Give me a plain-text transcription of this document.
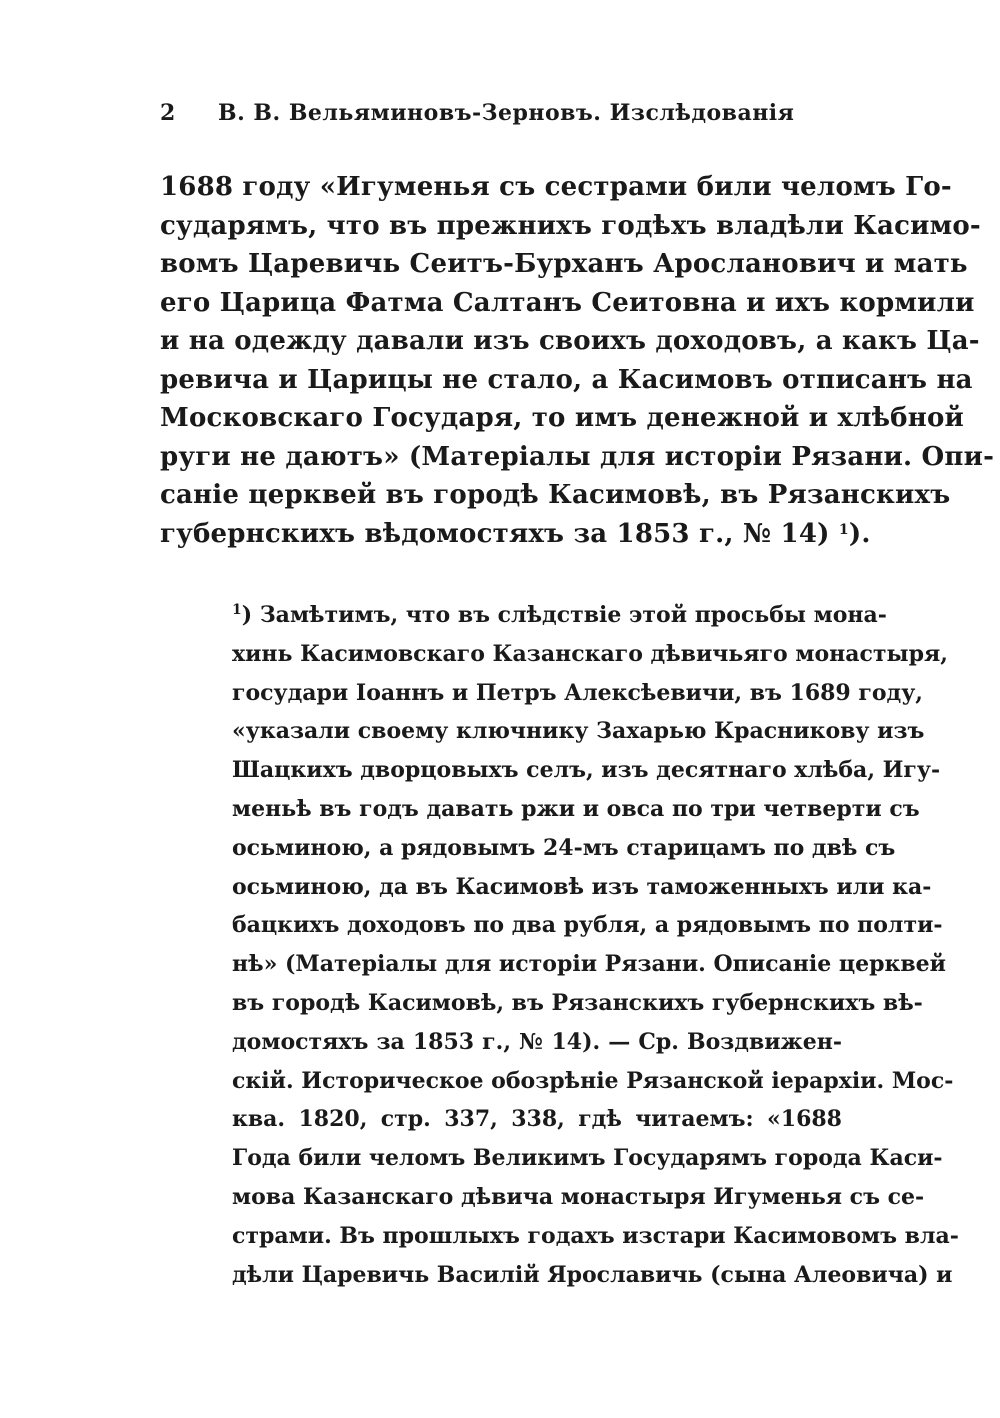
2 В. В. Вельяминовъ-Зерновъ. Изслѣдованія
1688 году «Игуменья съ сестрами били челомъ Го-
сударямъ, что въ прежнихъ годѣхъ владѣли Касимо-
вомъ Царевичь Сеитъ-Бурханъ Аросланович и мать
его Царица Фатма Салтанъ Сеитовна и ихъ кормили
и на одежду давали изъ своихъ доходовъ, а какъ Ца-
ревича и Царицы не стало, а Касимовъ отписанъ на
Московскаго Государя, то имъ денежной и хлѣбной
руги не даютъ» (Матеріалы для исторіи Рязани. Опи-
саніе церквей въ городѣ Касимовѣ, въ Рязанскихъ
губернскихъ вѣдомостяхъ за 1853 г., № 14) $^1$).
$^1$) Замѣтимъ, что въ слѣдствіе этой просьбы мона-
хинь Касимовскаго Казанскаго дѣвичьяго монастыря,
государи Іоаннъ и Петръ Алексѣевичи, въ 1689 году,
«указали своему ключнику Захарью Красникову изъ
Шацкихъ дворцовыхъ селъ, изъ десятнаго хлѣба, Игу-
меньѣ въ годъ давать ржи и овса по три четверти съ
осьминою, а рядовымъ 24-мъ старицамъ по двѣ съ
осьминою, да въ Касимовѣ изъ таможенныхъ или ка-
бацкихъ доходовъ по два рубля, а рядовымъ по полти-
нѣ» (Матеріалы для исторіи Рязани. Описаніе церквей
въ городѣ Касимовѣ, въ Рязанскихъ губернскихъ вѣ-
домостяхъ за 1853 г., № 14). — Ср. Воздвижен-
скій. Историческое обозрѣніе Рязанской іерархіи. Мос-
ква. 1820, стр. 337, 338, гдѣ читаемъ: «1688
Года били челомъ Великимъ Государямъ города Каси-
мова Казанскаго дѣвича монастыря Игуменья съ се-
страми. Въ прошлыхъ годахъ изстари Касимовомъ вла-
дѣли Царевичь Василій Ярославичь (сына Алеовича) и
